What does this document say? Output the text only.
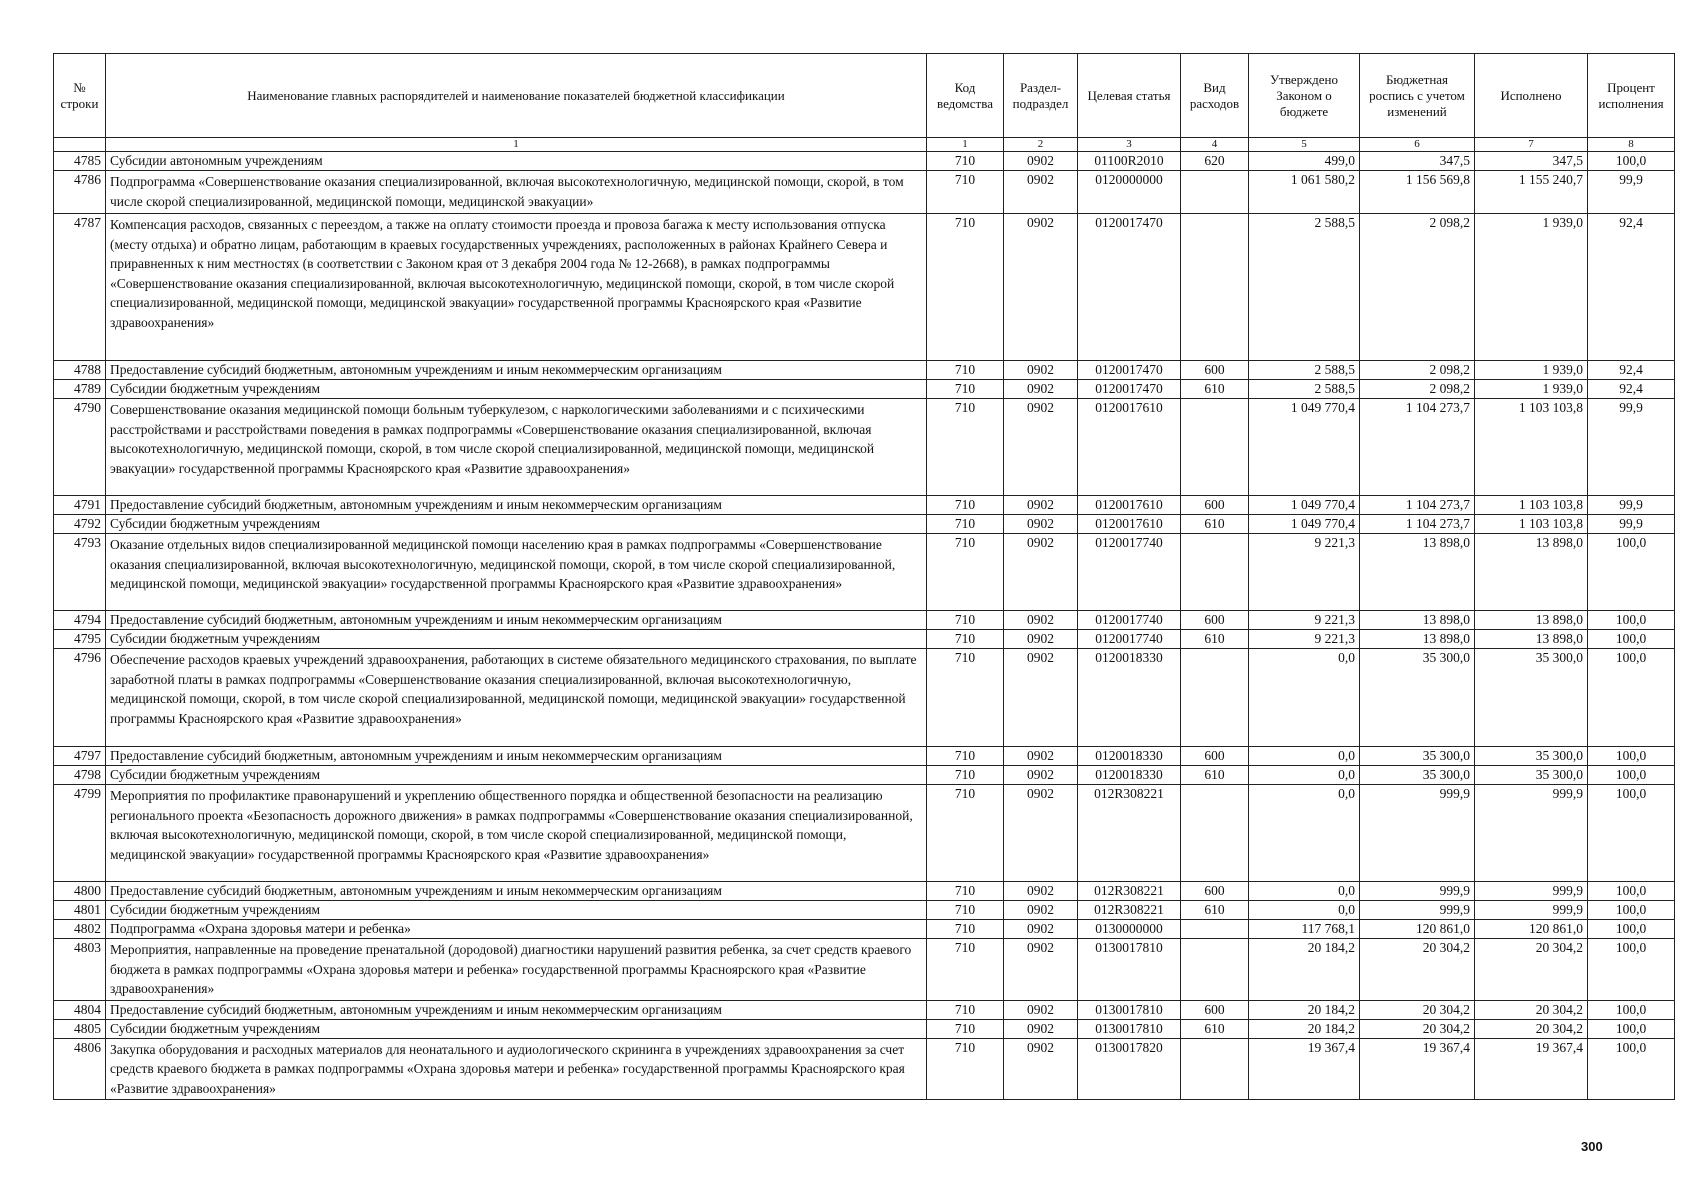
№ строки	Наименование главных распорядителей и наименование показателей бюджетной классификации	Код ведомства	Раздел-подраздел	Целевая статья	Вид расходов	Утверждено Законом о бюджете	Бюджетная роспись с учетом изменений	Исполнено	Процент исполнения
	1	1	2	3	4	5	6	7	8
4785	Субсидии автономным учреждениям	710	0902	01100R2010	620	499,0	347,5	347,5	100,0
4786	Подпрограмма «Совершенствование оказания специализированной, включая высокотехнологичную, медицинской помощи, скорой, в том числе скорой специализированной, медицинской помощи, медицинской эвакуации»	710	0902	0120000000		1 061 580,2	1 156 569,8	1 155 240,7	99,9
4787	Компенсация расходов, связанных с переездом, а также на оплату стоимости проезда и провоза багажа к месту использования отпуска (месту отдыха) и обратно лицам, работающим в краевых государственных учреждениях, расположенных в районах Крайнего Севера и приравненных к ним местностях (в соответствии с Законом края от 3 декабря 2004 года № 12-2668), в рамках подпрограммы «Совершенствование оказания специализированной, включая высокотехнологичную, медицинской помощи, скорой, в том числе скорой специализированной, медицинской помощи, медицинской эвакуации» государственной программы Красноярского края «Развитие здравоохранения»	710	0902	0120017470		2 588,5	2 098,2	1 939,0	92,4
4788	Предоставление субсидий бюджетным, автономным учреждениям и иным некоммерческим организациям	710	0902	0120017470	600	2 588,5	2 098,2	1 939,0	92,4
4789	Субсидии бюджетным учреждениям	710	0902	0120017470	610	2 588,5	2 098,2	1 939,0	92,4
4790	Совершенствование оказания медицинской помощи больным туберкулезом, с наркологическими заболеваниями и с психическими расстройствами и расстройствами поведения в рамках подпрограммы «Совершенствование оказания специализированной, включая высокотехнологичную, медицинской помощи, скорой, в том числе скорой специализированной, медицинской помощи, медицинской эвакуации» государственной программы Красноярского края «Развитие здравоохранения»	710	0902	0120017610		1 049 770,4	1 104 273,7	1 103 103,8	99,9
4791	Предоставление субсидий бюджетным, автономным учреждениям и иным некоммерческим организациям	710	0902	0120017610	600	1 049 770,4	1 104 273,7	1 103 103,8	99,9
4792	Субсидии бюджетным учреждениям	710	0902	0120017610	610	1 049 770,4	1 104 273,7	1 103 103,8	99,9
4793	Оказание отдельных видов специализированной медицинской помощи населению края в рамках подпрограммы «Совершенствование оказания специализированной, включая высокотехнологичную, медицинской помощи, скорой, в том числе скорой специализированной, медицинской помощи, медицинской эвакуации» государственной программы Красноярского края «Развитие здравоохранения»	710	0902	0120017740		9 221,3	13 898,0	13 898,0	100,0
4794	Предоставление субсидий бюджетным, автономным учреждениям и иным некоммерческим организациям	710	0902	0120017740	600	9 221,3	13 898,0	13 898,0	100,0
4795	Субсидии бюджетным учреждениям	710	0902	0120017740	610	9 221,3	13 898,0	13 898,0	100,0
4796	Обеспечение расходов краевых учреждений здравоохранения, работающих в системе обязательного медицинского страхования, по выплате заработной платы в рамках подпрограммы «Совершенствование оказания специализированной, включая высокотехнологичную, медицинской помощи, скорой, в том числе скорой специализированной, медицинской помощи, медицинской эвакуации» государственной программы Красноярского края «Развитие здравоохранения»	710	0902	0120018330		0,0	35 300,0	35 300,0	100,0
4797	Предоставление субсидий бюджетным, автономным учреждениям и иным некоммерческим организациям	710	0902	0120018330	600	0,0	35 300,0	35 300,0	100,0
4798	Субсидии бюджетным учреждениям	710	0902	0120018330	610	0,0	35 300,0	35 300,0	100,0
4799	Мероприятия по профилактике правонарушений и укреплению общественного порядка и общественной безопасности на реализацию регионального проекта «Безопасность дорожного движения» в рамках подпрограммы «Совершенствование оказания специализированной, включая высокотехнологичную, медицинской помощи, скорой, в том числе скорой специализированной, медицинской помощи, медицинской эвакуации» государственной программы Красноярского края «Развитие здравоохранения»	710	0902	012R308221		0,0	999,9	999,9	100,0
4800	Предоставление субсидий бюджетным, автономным учреждениям и иным некоммерческим организациям	710	0902	012R308221	600	0,0	999,9	999,9	100,0
4801	Субсидии бюджетным учреждениям	710	0902	012R308221	610	0,0	999,9	999,9	100,0
4802	Подпрограмма «Охрана здоровья матери и ребенка»	710	0902	0130000000		117 768,1	120 861,0	120 861,0	100,0
4803	Мероприятия, направленные на проведение пренатальной (дородовой) диагностики нарушений развития ребенка, за счет средств краевого бюджета в рамках подпрограммы «Охрана здоровья матери и ребенка» государственной программы Красноярского края «Развитие здравоохранения»	710	0902	0130017810		20 184,2	20 304,2	20 304,2	100,0
4804	Предоставление субсидий бюджетным, автономным учреждениям и иным некоммерческим организациям	710	0902	0130017810	600	20 184,2	20 304,2	20 304,2	100,0
4805	Субсидии бюджетным учреждениям	710	0902	0130017810	610	20 184,2	20 304,2	20 304,2	100,0
4806	Закупка оборудования и расходных материалов для неонатального и аудиологического скрининга в учреждениях здравоохранения за счет средств краевого бюджета в рамках подпрограммы «Охрана здоровья матери и ребенка» государственной программы Красноярского края «Развитие здравоохранения»	710	0902	0130017820		19 367,4	19 367,4	19 367,4	100,0
300
